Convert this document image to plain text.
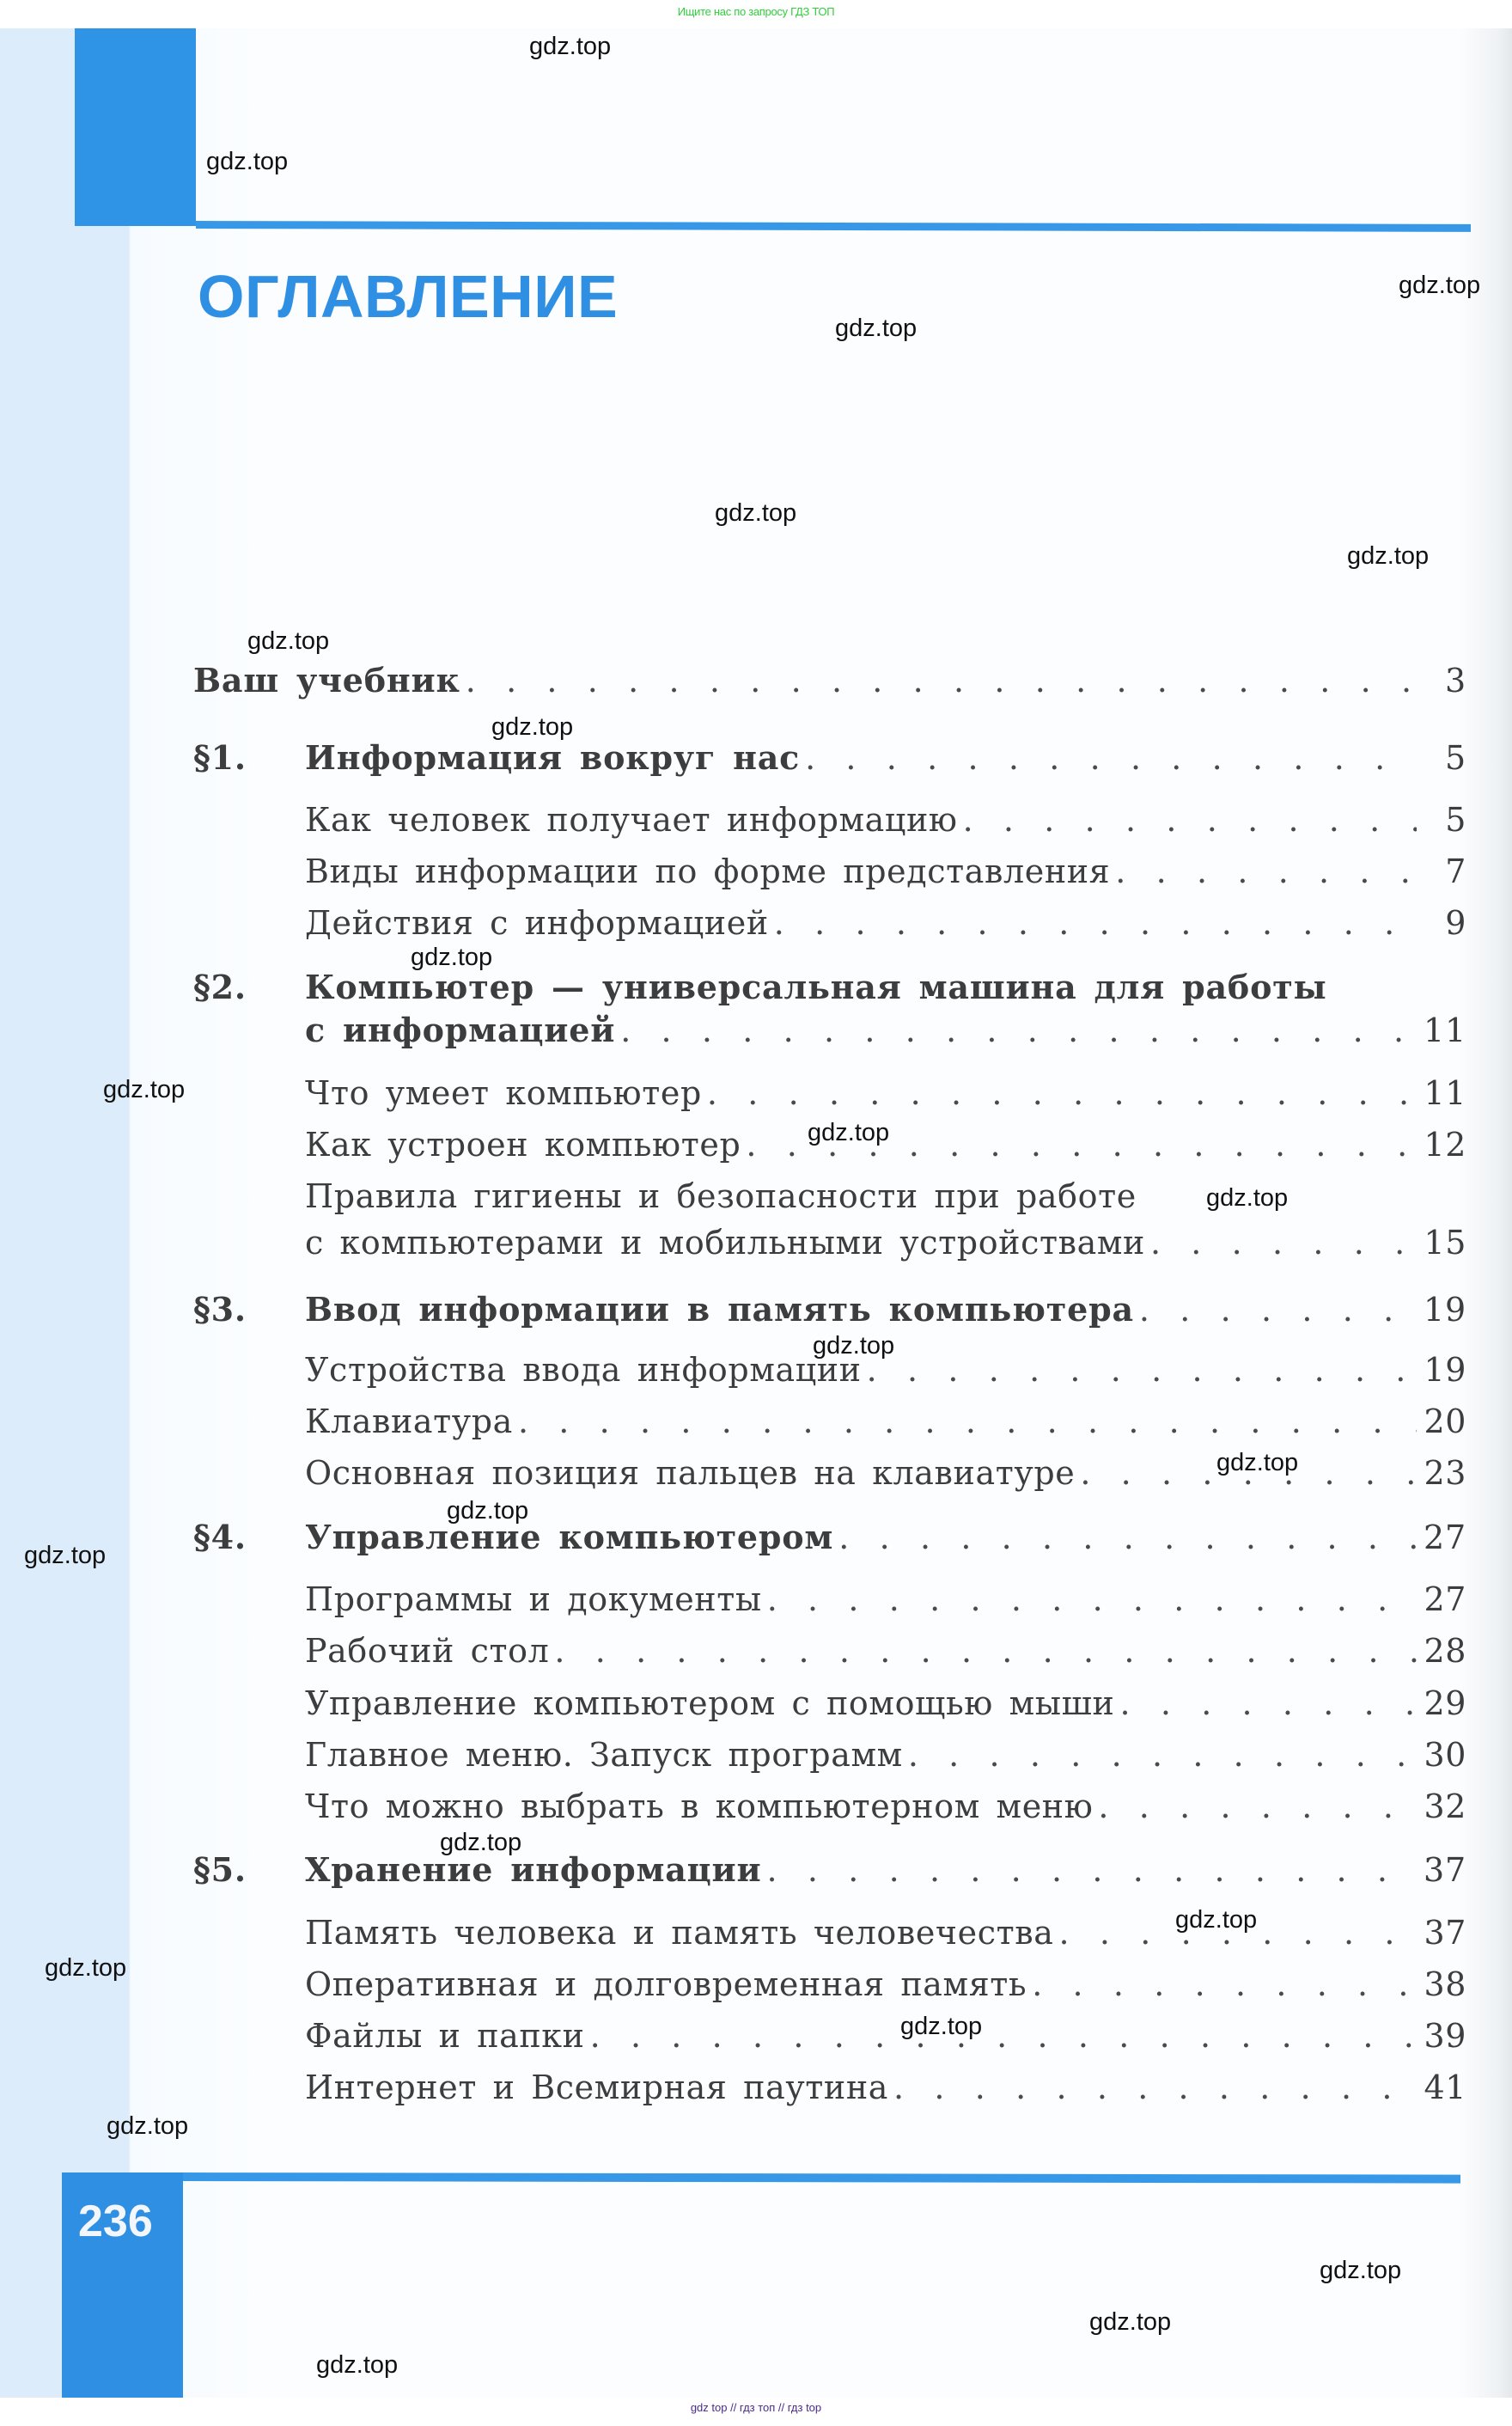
Ищите нас по запросу ГДЗ ТОП
ОГЛАВЛЕНИЕ
Ваш учебник . . .	3
§1.	Информация вокруг нас . . .	5
Как человек получает информацию . . .	5
Виды информации по форме представления . . .	7
Действия с информацией . . .	9
§2.	Компьютер — универсальная машина для работы
с информацией . . .	11
Что умеет компьютер . . .	11
Как устроен компьютер . . .	12
Правила гигиены и безопасности при работе
с компьютерами и мобильными устройствами . . .	15
§3.	Ввод информации в память компьютера . . .	19
Устройства ввода информации . . .	19
Клавиатура . . .	20
Основная позиция пальцев на клавиатуре . . .	23
§4.	Управление компьютером . . .	27
Программы и документы . . .	27
Рабочий стол . . .	28
Управление компьютером с помощью мыши . . .	29
Главное меню. Запуск программ . . .	30
Что можно выбрать в компьютерном меню . . .	32
§5.	Хранение информации . . .	37
Память человека и память человечества . . .	37
Оперативная и долговременная память . . .	38
Файлы и папки . . .	39
Интернет и Всемирная паутина . . .	41
236
gdz top // гдз топ // гдз top
gdz.top
gdz.top
gdz.top
gdz.top
gdz.top
gdz.top
gdz.top
gdz.top
gdz.top
gdz.top
gdz.top
gdz.top
gdz.top
gdz.top
gdz.top
gdz.top
gdz.top
gdz.top
gdz.top
gdz.top
gdz.top
gdz.top
gdz.top
gdz.top
